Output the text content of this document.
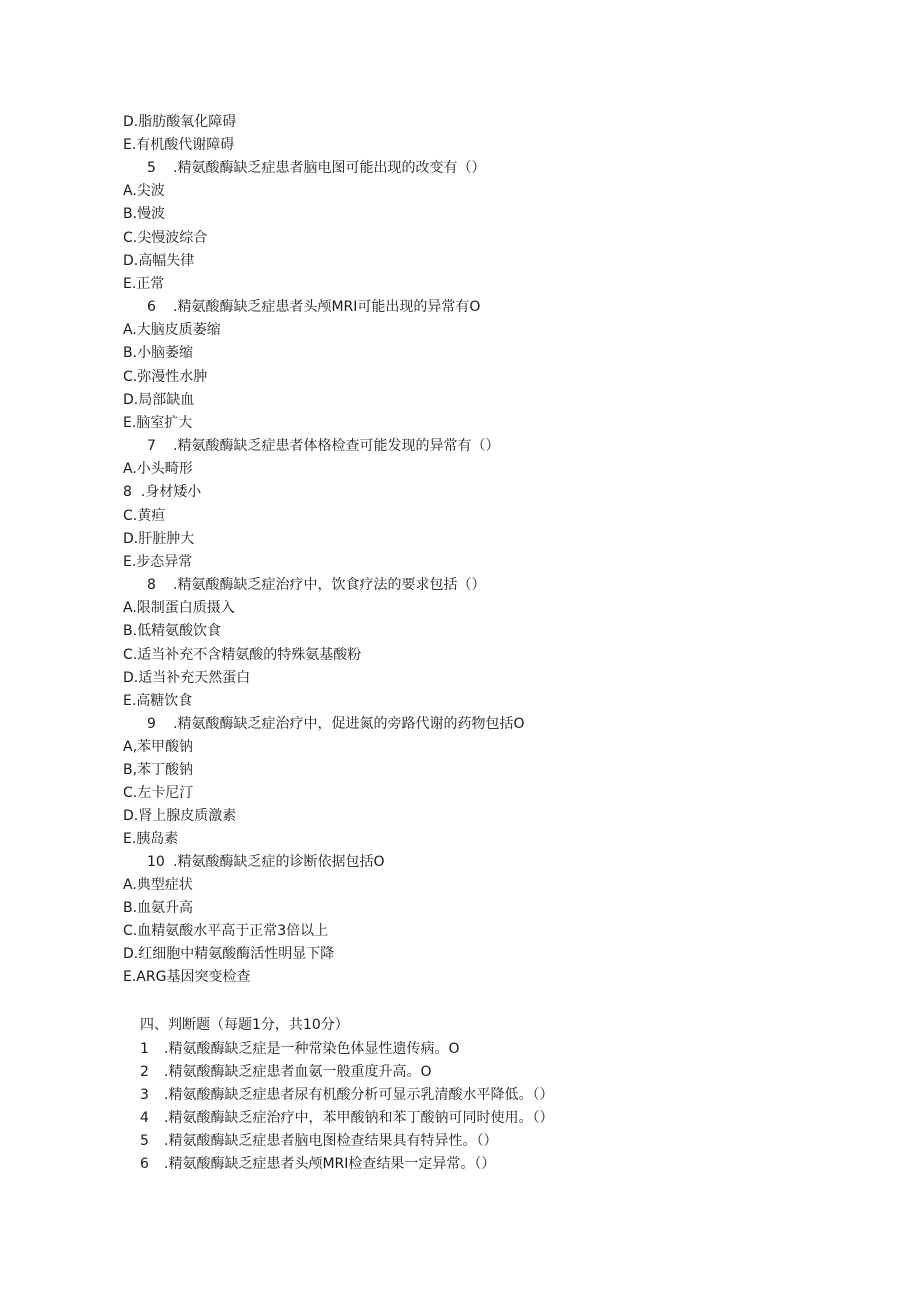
D.脂肪酸氧化障碍
E.有机酸代谢障碍
5 .精氨酸酶缺乏症患者脑电图可能出现的改变有（）
A.尖波
B.慢波
C.尖慢波综合
D.高幅失律
E.正常
6 .精氨酸酶缺乏症患者头颅MRI可能出现的异常有O
A.大脑皮质萎缩
B.小脑萎缩
C.弥漫性水肿
D.局部缺血
E.脑室扩大
7 .精氨酸酶缺乏症患者体格检查可能发现的异常有（）
A.小头畸形
8  .身材矮小
C.黄疸
D.肝脏肿大
E.步态异常
8 .精氨酸酶缺乏症治疗中，饮食疗法的要求包括（）
A.限制蛋白质摄入
B.低精氨酸饮食
C.适当补充不含精氨酸的特殊氨基酸粉
D.适当补充天然蛋白
E.高糖饮食
9 .精氨酸酶缺乏症治疗中，促进氮的旁路代谢的药物包括O
A,苯甲酸钠
B,苯丁酸钠
C.左卡尼汀
D.肾上腺皮质激素
E.胰岛素
10 .精氨酸酶缺乏症的诊断依据包括O
A.典型症状
B.血氨升高
C.血精氨酸水平高于正常3倍以上
D.红细胞中精氨酸酶活性明显下降
E.ARG基因突变检查
四、判断题（每题1分，共10分）
1 .精氨酸酶缺乏症是一种常染色体显性遗传病。O
2 .精氨酸酶缺乏症患者血氨一般重度升高。O
3 .精氨酸酶缺乏症患者尿有机酸分析可显示乳清酸水平降低。（）
4 .精氨酸酶缺乏症治疗中，苯甲酸钠和苯丁酸钠可同时使用。（）
5 .精氨酸酶缺乏症患者脑电图检查结果具有特异性。（）
6 .精氨酸酶缺乏症患者头颅MRI检查结果一定异常。（）
